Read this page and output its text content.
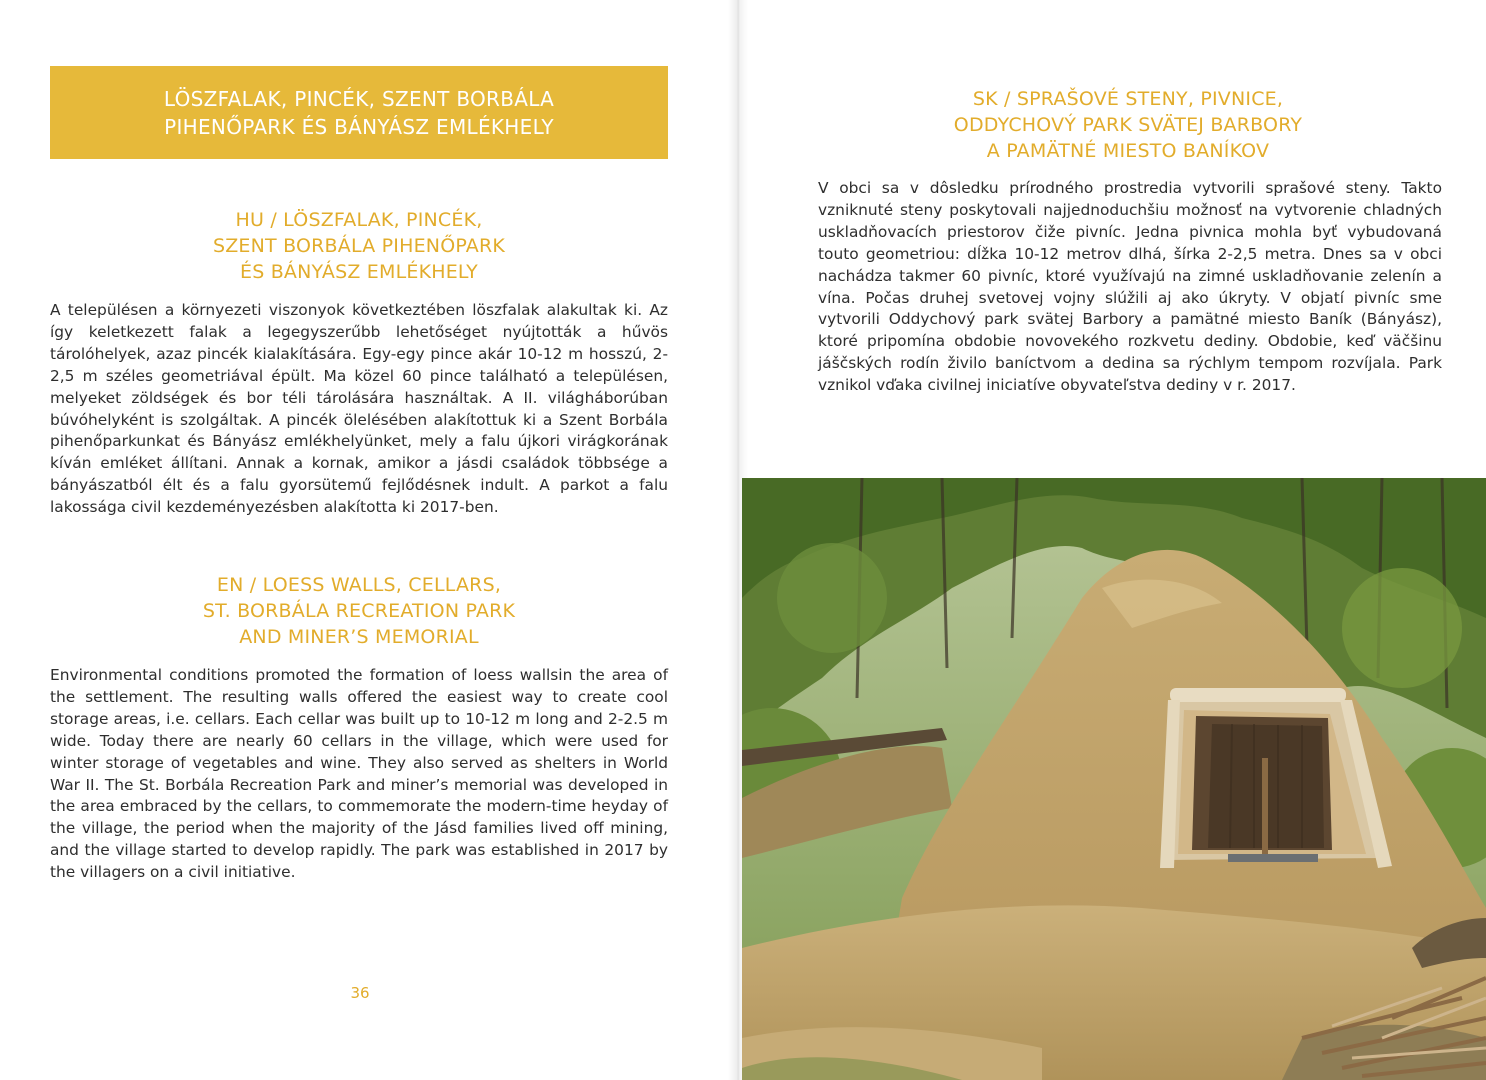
LÖSZFALAK, PINCÉK, SZENT BORBÁLA
PIHENŐPARK ÉS BÁNYÁSZ EMLÉKHELY
HU / LÖSZFALAK, PINCÉK,
SZENT BORBÁLA PIHENŐPARK
ÉS BÁNYÁSZ EMLÉKHELY

A településen a környezeti viszonyok következtében löszfalak alakultak ki. Az így keletkezett falak a legegyszerűbb lehetőséget nyújtották a hűvös tárolóhelyek, azaz pincék kialakítására. Egy-egy pince akár 10-12 m hosszú, 2-2,5 m széles geometriával épült. Ma közel 60 pince található a településen, melyeket zöldségek és bor téli tárolására használtak. A II. világháborúban búvóhelyként is szolgáltak. A pincék ölelésében alakítottuk ki a Szent Borbála pihenőparkunkat és Bányász emlékhelyünket, mely a falu újkori virágkorának kíván emléket állítani. Annak a kornak, amikor a jásdi családok többsége a bányászatból élt és a falu gyorsütemű fejlődésnek indult. A parkot a falu lakossága civil kezdeményezésben alakította ki 2017-ben.

EN / LOESS WALLS, CELLARS,
ST. BORBÁLA RECREATION PARK
AND MINER’S MEMORIAL

Environmental conditions promoted the formation of loess wallsin the area of the settlement. The resulting walls offered the easiest way to create cool storage areas, i.e. cellars. Each cellar was built up to 10-12 m long and 2-2.5 m wide. Today there are nearly 60 cellars in the village, which were used for winter storage of vegetables and wine. They also served as shelters in World War II. The St. Borbála Recreation Park and miner’s memorial was developed in the area embraced by the cellars, to commemorate the modern-time heyday of the village, the period when the majority of the Jásd families lived off mining, and the village started to develop rapidly. The park was established in 2017 by the villagers on a civil initiative.

36
SK / SPRAŠOVÉ STENY, PIVNICE,
ODDYCHOVÝ PARK SVÄTEJ BARBORY
A PAMÄTNÉ MIESTO BANÍKOV

V obci sa v dôsledku prírodného prostredia vytvorili sprašové steny. Takto vzniknuté steny poskytovali najjednoduchšiu možnosť na vytvorenie chladných uskladňovacích priestorov čiže pivníc. Jedna pivnica mohla byť vybudovaná touto geometriou: dĺžka 10-12 metrov dlhá, šírka 2-2,5 metra. Dnes sa v obci nachádza takmer 60 pivníc, ktoré využívajú na zimné uskladňovanie zelenín a vína. Počas druhej svetovej vojny slúžili aj ako úkryty. V objatí pivníc sme vytvorili Oddychový park svätej Barbory a pamätné miesto Baník (Bányász), ktoré pripomína obdobie novovekého rozkvetu dediny. Obdobie, keď väčšinu jáščských rodín živilo baníctvom a dedina sa rýchlym tempom rozvíjala. Park vznikol vďaka civilnej iniciatíve obyvateľstva dediny v r. 2017.
